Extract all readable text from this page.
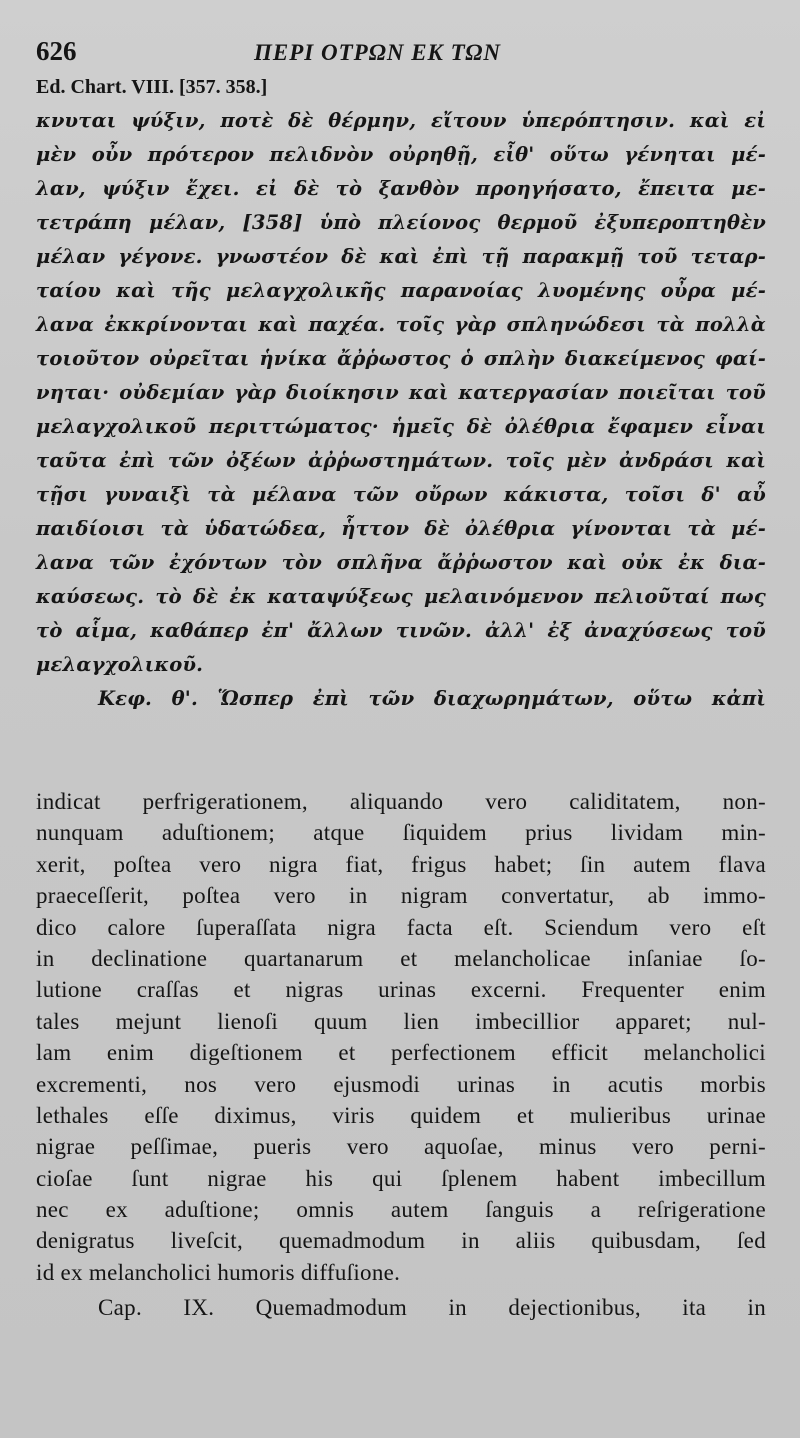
626	ΠΕΡΙ ΟΤΡΩΝ ΕΚ ΤΩΝ
Ed. Chart. VIII. [357. 358.]
κνυται ψύξιν, ποτὲ δὲ θέρμην, εἴτουν ὑπερόπτησιν. καὶ εἰ
μὲν οὖν πρότερον πελιδνὸν οὐρηθῇ, εἶθ' οὕτω γένηται μέ-
λαν, ψύξιν ἔχει. εἰ δὲ τὸ ξανθὸν προηγήσατο, ἔπειτα με-
τετράπη μέλαν, [358] ὑπὸ πλείονος θερμοῦ ἐξυπεροπτηθὲν
μέλαν γέγονε. γνωστέον δὲ καὶ ἐπὶ τῇ παρακμῇ τοῦ τεταρ-
ταίου καὶ τῆς μελαγχολικῆς παρανοίας λυομένης οὖρα μέ-
λανα ἐκκρίνονται καὶ παχέα. τοῖς γὰρ σπληνώδεσι τὰ πολλὰ
τοιοῦτον οὐρεῖται ἡνίκα ἄῤῥωστος ὁ σπλὴν διακείμενος φαί-
νηται· οὐδεμίαν γὰρ διοίκησιν καὶ κατεργασίαν ποιεῖται τοῦ
μελαγχολικοῦ περιττώματος· ἡμεῖς δὲ ὀλέθρια ἔφαμεν εἶναι
ταῦτα ἐπὶ τῶν ὀξέων ἀῤῥωστημάτων. τοῖς μὲν ἀνδράσι καὶ
τῇσι γυναιξὶ τὰ μέλανα τῶν οὔρων κάκιστα, τοῖσι δ' αὖ
παιδίοισι τὰ ὑδατώδεα, ἧττον δὲ ὀλέθρια γίνονται τὰ μέ-
λανα τῶν ἐχόντων τὸν σπλῆνα ἄῤῥωστον καὶ οὐκ ἐκ δια-
καύσεως. τὸ δὲ ἐκ καταψύξεως μελαινόμενον πελιοῦταί πως
τὸ αἷμα, καθάπερ ἐπ' ἄλλων τινῶν. ἀλλ' ἐξ ἀναχύσεως τοῦ
μελαγχολικοῦ.
Κεφ. θ'. Ὥσπερ ἐπὶ τῶν διαχωρημάτων, οὕτω κἀπὶ
indicat perfrigerationem, aliquando vero caliditatem, non-
nunquam aduſtionem; atque ſiquidem prius lividam min-
xerit, poſtea vero nigra fiat, frigus habet; ſin autem flava
praeceſſerit, poſtea vero in nigram convertatur, ab immo-
dico calore ſuperaſſata nigra facta eſt. Sciendum vero eſt
in declinatione quartanarum et melancholicae inſaniae ſo-
lutione craſſas et nigras urinas excerni. Frequenter enim
tales mejunt lienoſi quum lien imbecillior apparet; nul-
lam enim digeſtionem et perfectionem efficit melancholici
excrementi, nos vero ejusmodi urinas in acutis morbis
lethales eſſe diximus, viris quidem et mulieribus urinae
nigrae peſſimae, pueris vero aquoſae, minus vero perni-
cioſae ſunt nigrae his qui ſplenem habent imbecillum
nec ex aduſtione; omnis autem ſanguis a reſrigeratione
denigratus liveſcit, quemadmodum in aliis quibusdam, ſed
id ex melancholici humoris diffuſione.
Cap. IX. Quemadmodum in dejectionibus, ita in
